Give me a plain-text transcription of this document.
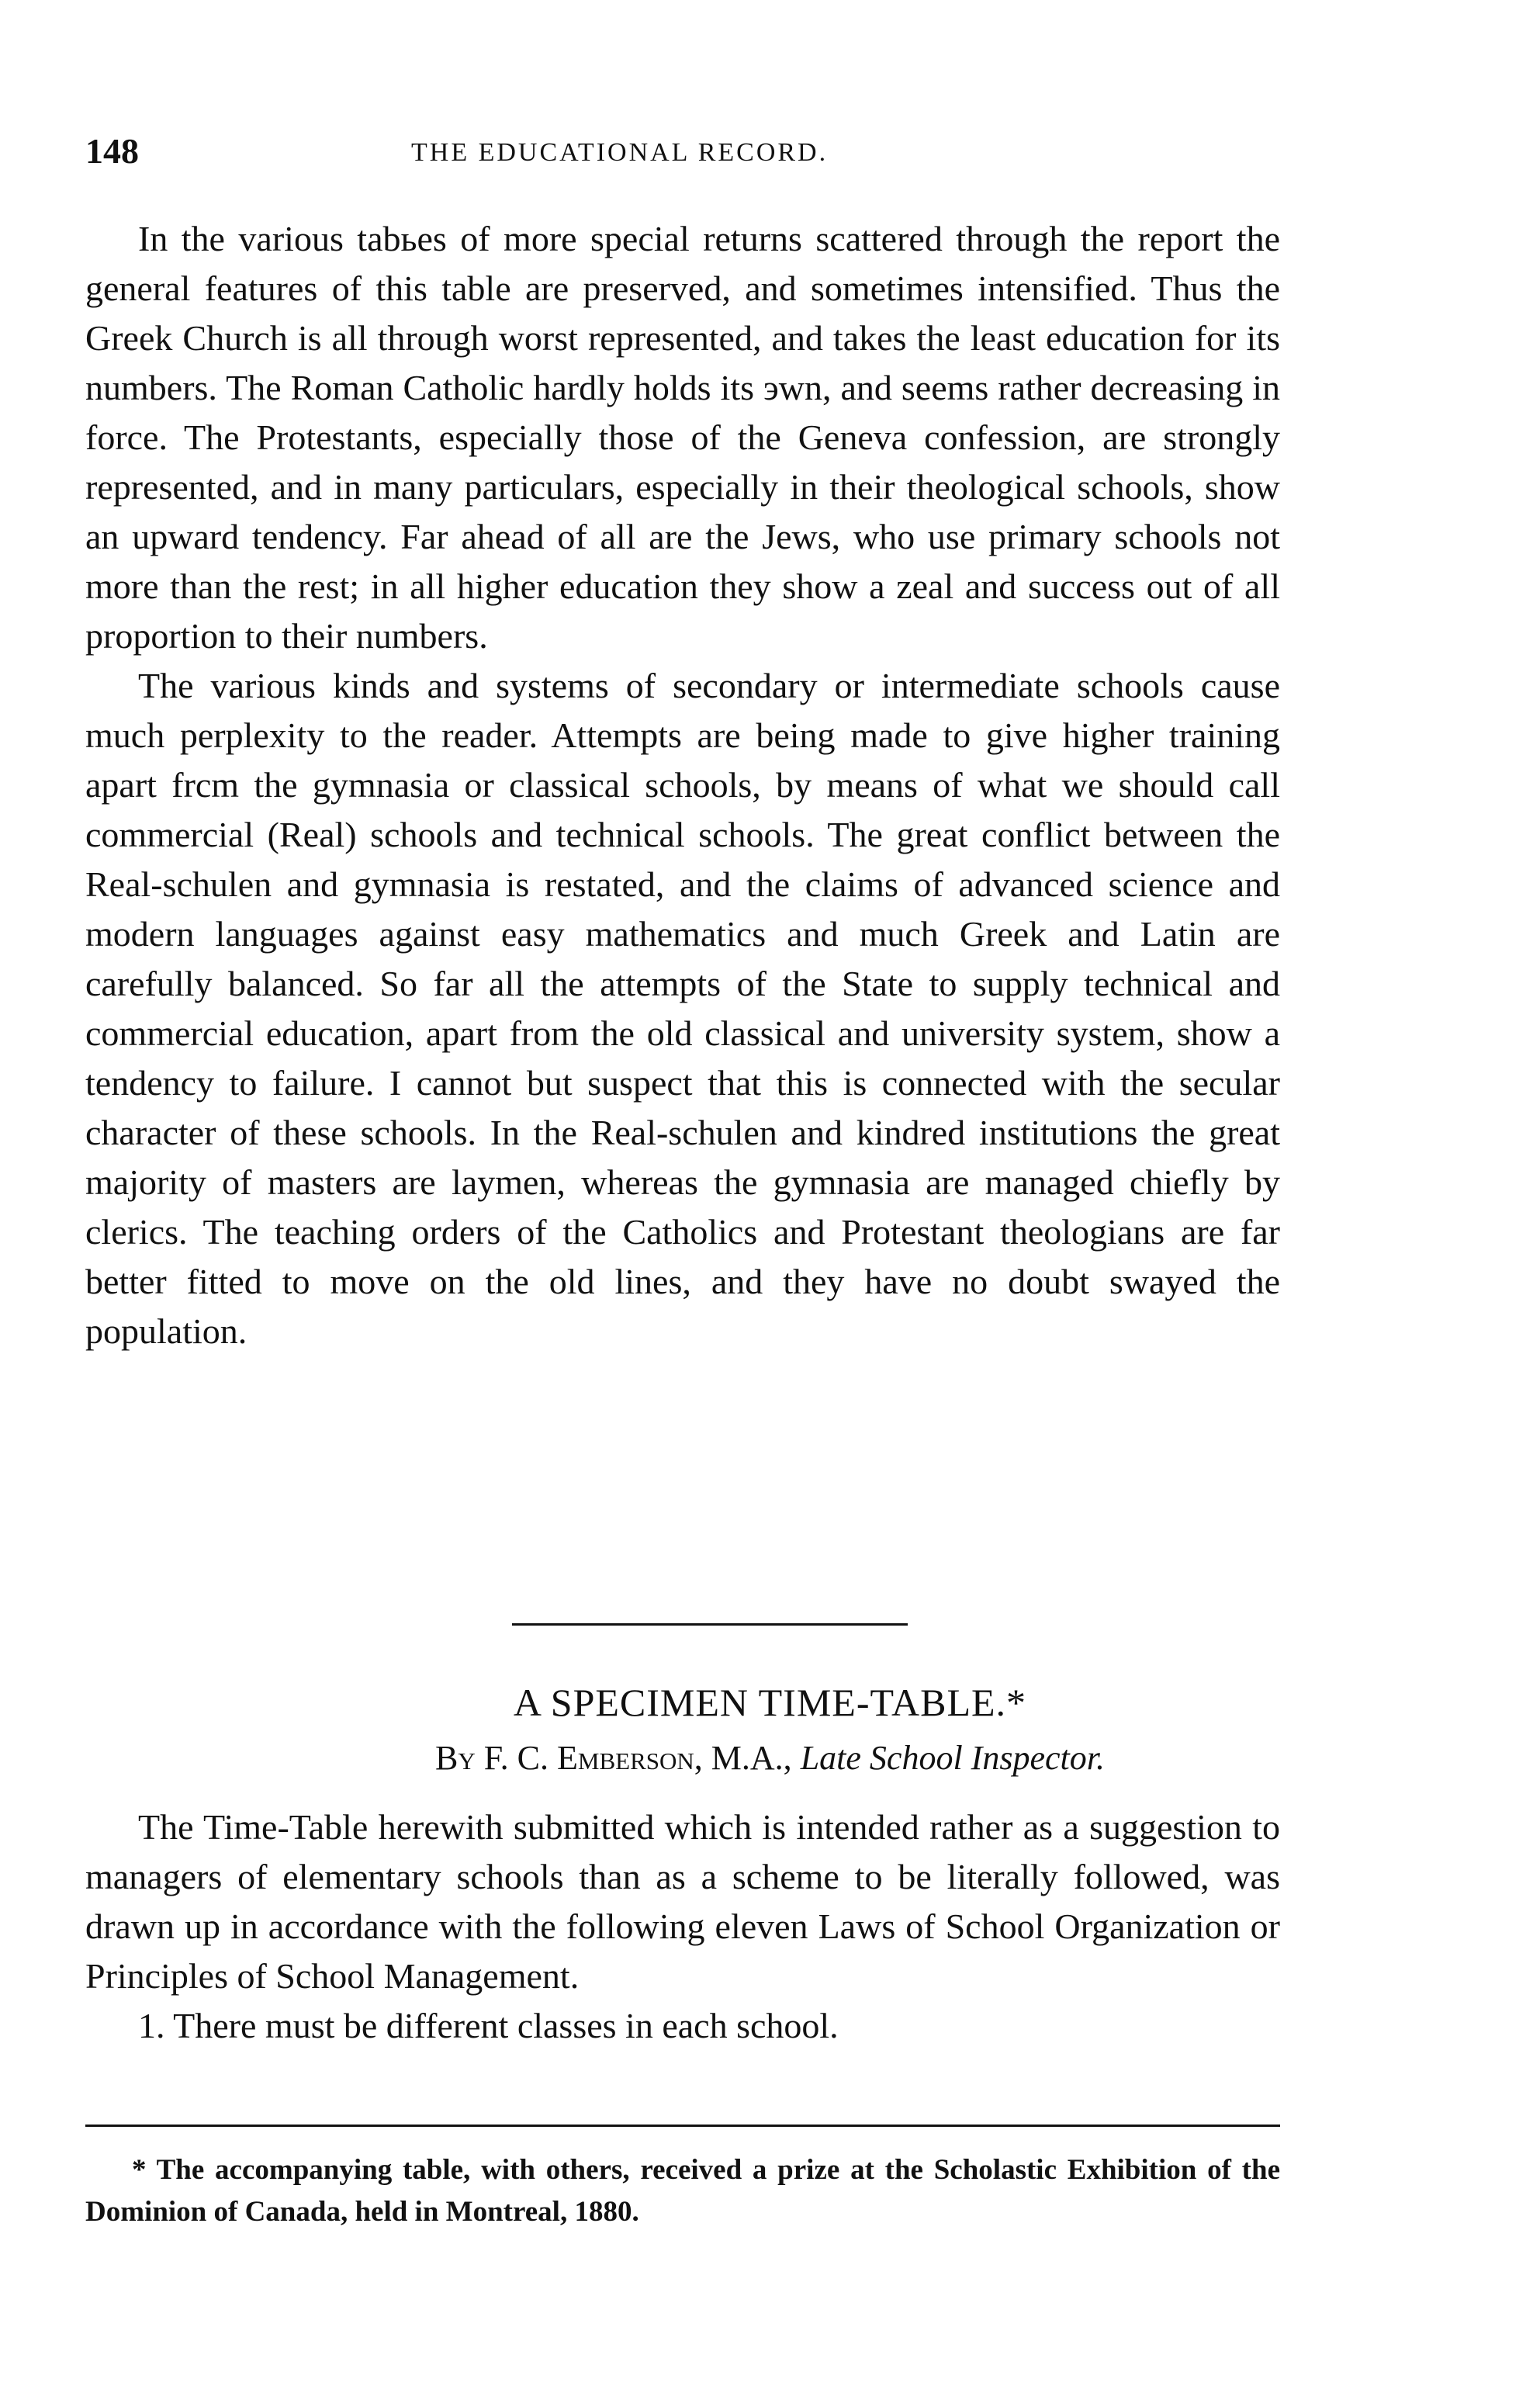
148	THE EDUCATIONAL RECORD.

In the various tabьes of more special returns scattered through the report the general features of this table are preserved, and sometimes intensified. Thus the Greek Church is all through worst represented, and takes the least education for its numbers. The Roman Catholic hardly holds its эwn, and seems rather decreasing in force. The Protestants, especially those of the Geneva confession, are strongly represented, and in many particulars, especially in their theological schools, show an upward tendency. Far ahead of all are the Jews, who use primary schools not more than the rest; in all higher education they show a zeal and success out of all proportion to their numbers.

The various kinds and systems of secondary or intermediate schools cause much perplexity to the reader. Attempts are being made to give higher training apart frcm the gymnasia or classical schools, by means of what we should call commercial (Real) schools and technical schools. The great conflict between the Real-schulen and gymnasia is restated, and the claims of advanced science and modern languages against easy mathematics and much Greek and Latin are carefully balanced. So far all the attempts of the State to supply technical and commercial education, apart from the old classical and university system, show a tendency to failure. I cannot but suspect that this is connected with the secular character of these schools. In the Real-schulen and kindred institutions the great majority of masters are laymen, whereas the gymnasia are managed chiefly by clerics. The teaching orders of the Catholics and Protestant theologians are far better fitted to move on the old lines, and they have no doubt swayed the population.

A SPECIMEN TIME-TABLE.*
By F. C. Emberson, M.A., Late School Inspector.

The Time-Table herewith submitted which is intended rather as a suggestion to managers of elementary schools than as a scheme to be literally followed, was drawn up in accordance with the following eleven Laws of School Organization or Principles of School Management.

1. There must be different classes in each school.

* The accompanying table, with others, received a prize at the Scholastic Exhibition of the Dominion of Canada, held in Montreal, 1880.
